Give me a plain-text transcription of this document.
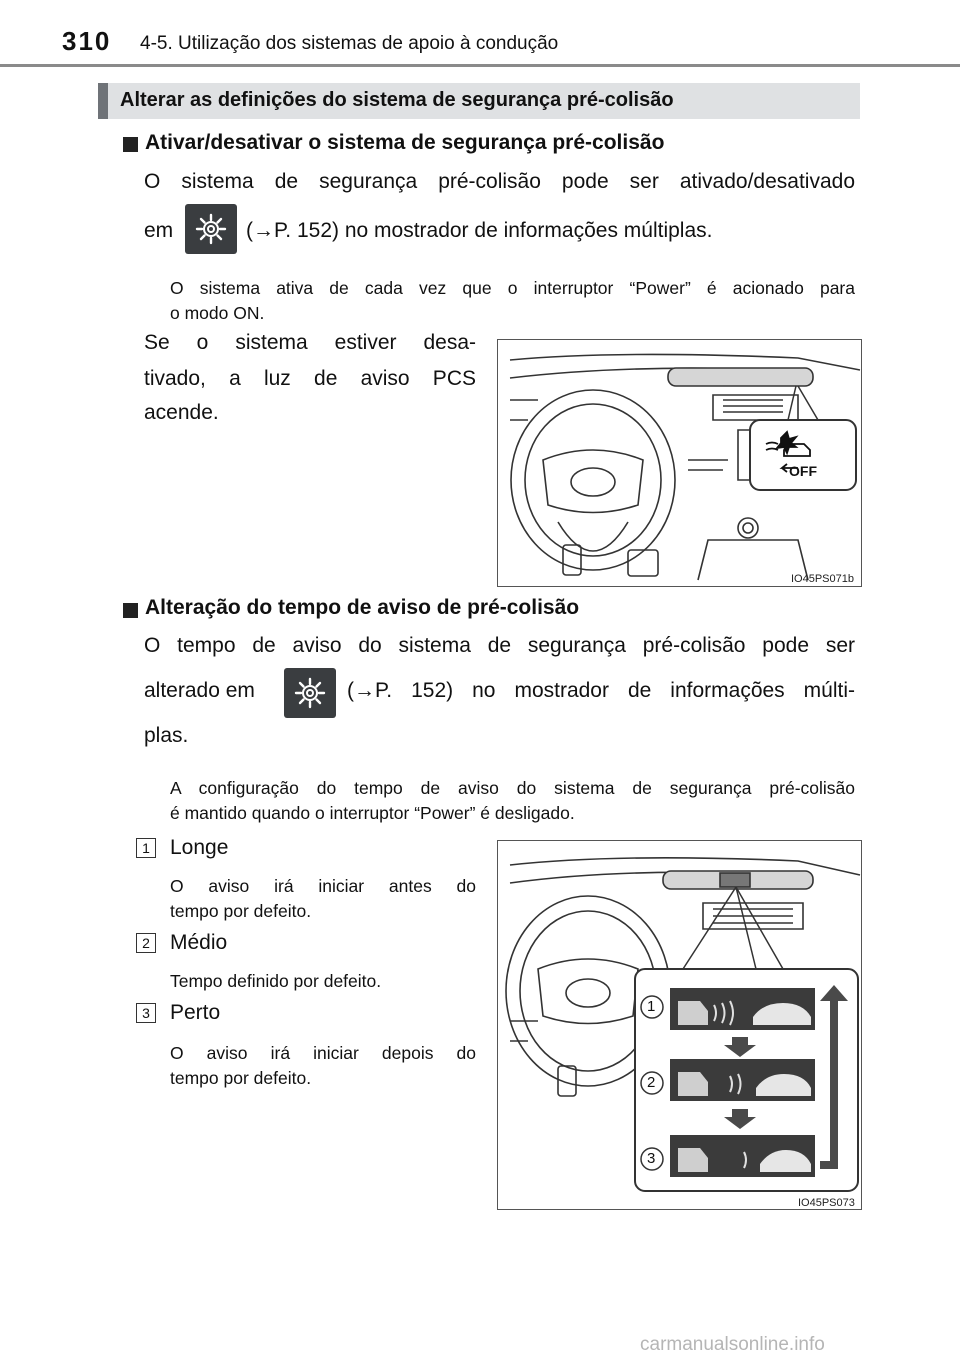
310 4-5. Utilização dos sistemas de apoio à condução
Alterar as definições do sistema de segurança pré-colisão
Ativar/desativar o sistema de segurança pré-colisão
O sistema de segurança pré-colisão pode ser ativado/desativado
em	(→P. 152) no mostrador de informações múltiplas.
O sistema ativa de cada vez que o interruptor “Power” é acionado para
o modo ON.
Se o sistema estiver desa-
tivado, a luz de aviso PCS
acende.
OFF
IO45PS071b
Alteração do tempo de aviso de pré-colisão
O tempo de aviso do sistema de segurança pré-colisão pode ser
alterado em	(→P. 152) no mostrador de informações múlti-
plas.
A configuração do tempo de aviso do sistema de segurança pré-colisão
é mantido quando o interruptor “Power” é desligado.
1 Longe
O aviso irá iniciar antes do
tempo por defeito.
2 Médio
Tempo definido por defeito.
3 Perto
O aviso irá iniciar depois do
tempo por defeito.
1
2
3
IO45PS073
carmanualsonline.info
